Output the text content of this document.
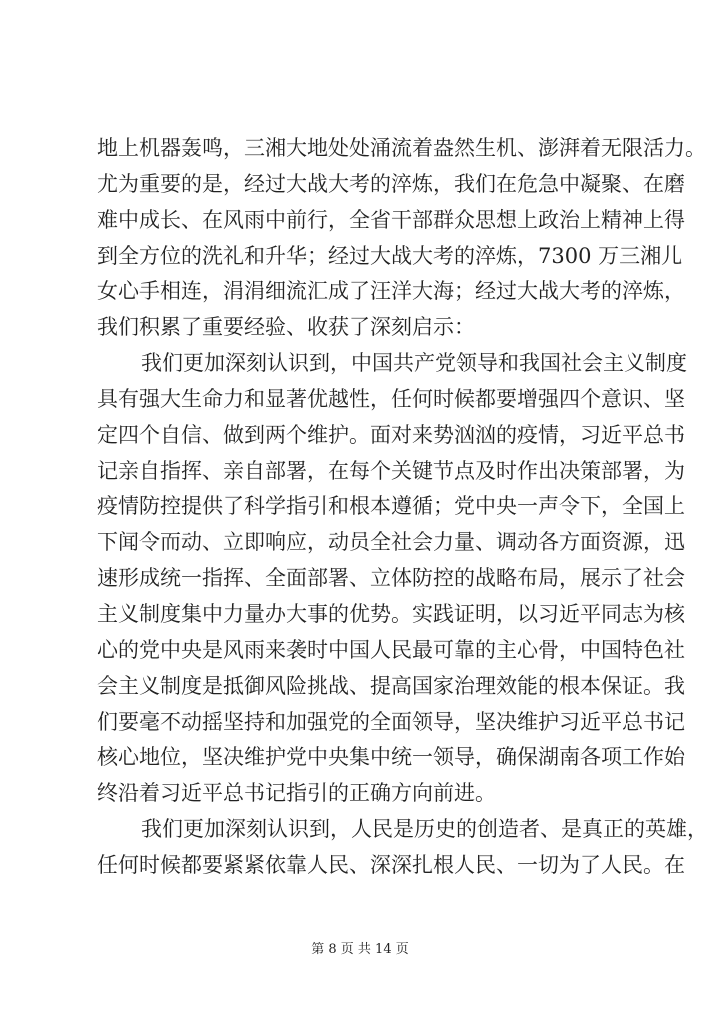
地上机器轰鸣，三湘大地处处涌流着盎然生机、澎湃着无限活力。
尤为重要的是，经过大战大考的淬炼，我们在危急中凝聚、在磨
难中成长、在风雨中前行，全省干部群众思想上政治上精神上得
到全方位的洗礼和升华；经过大战大考的淬炼，7300 万三湘儿
女心手相连，涓涓细流汇成了汪洋大海；经过大战大考的淬炼，
我们积累了重要经验、收获了深刻启示：
我们更加深刻认识到，中国共产党领导和我国社会主义制度
具有强大生命力和显著优越性，任何时候都要增强四个意识、坚
定四个自信、做到两个维护。面对来势汹汹的疫情，习近平总书
记亲自指挥、亲自部署，在每个关键节点及时作出决策部署，为
疫情防控提供了科学指引和根本遵循；党中央一声令下，全国上
下闻令而动、立即响应，动员全社会力量、调动各方面资源，迅
速形成统一指挥、全面部署、立体防控的战略布局，展示了社会
主义制度集中力量办大事的优势。实践证明，以习近平同志为核
心的党中央是风雨来袭时中国人民最可靠的主心骨，中国特色社
会主义制度是抵御风险挑战、提高国家治理效能的根本保证。我
们要毫不动摇坚持和加强党的全面领导，坚决维护习近平总书记
核心地位，坚决维护党中央集中统一领导，确保湖南各项工作始
终沿着习近平总书记指引的正确方向前进。
我们更加深刻认识到，人民是历史的创造者、是真正的英雄，
任何时候都要紧紧依靠人民、深深扎根人民、一切为了人民。在
第 8 页 共 14 页
